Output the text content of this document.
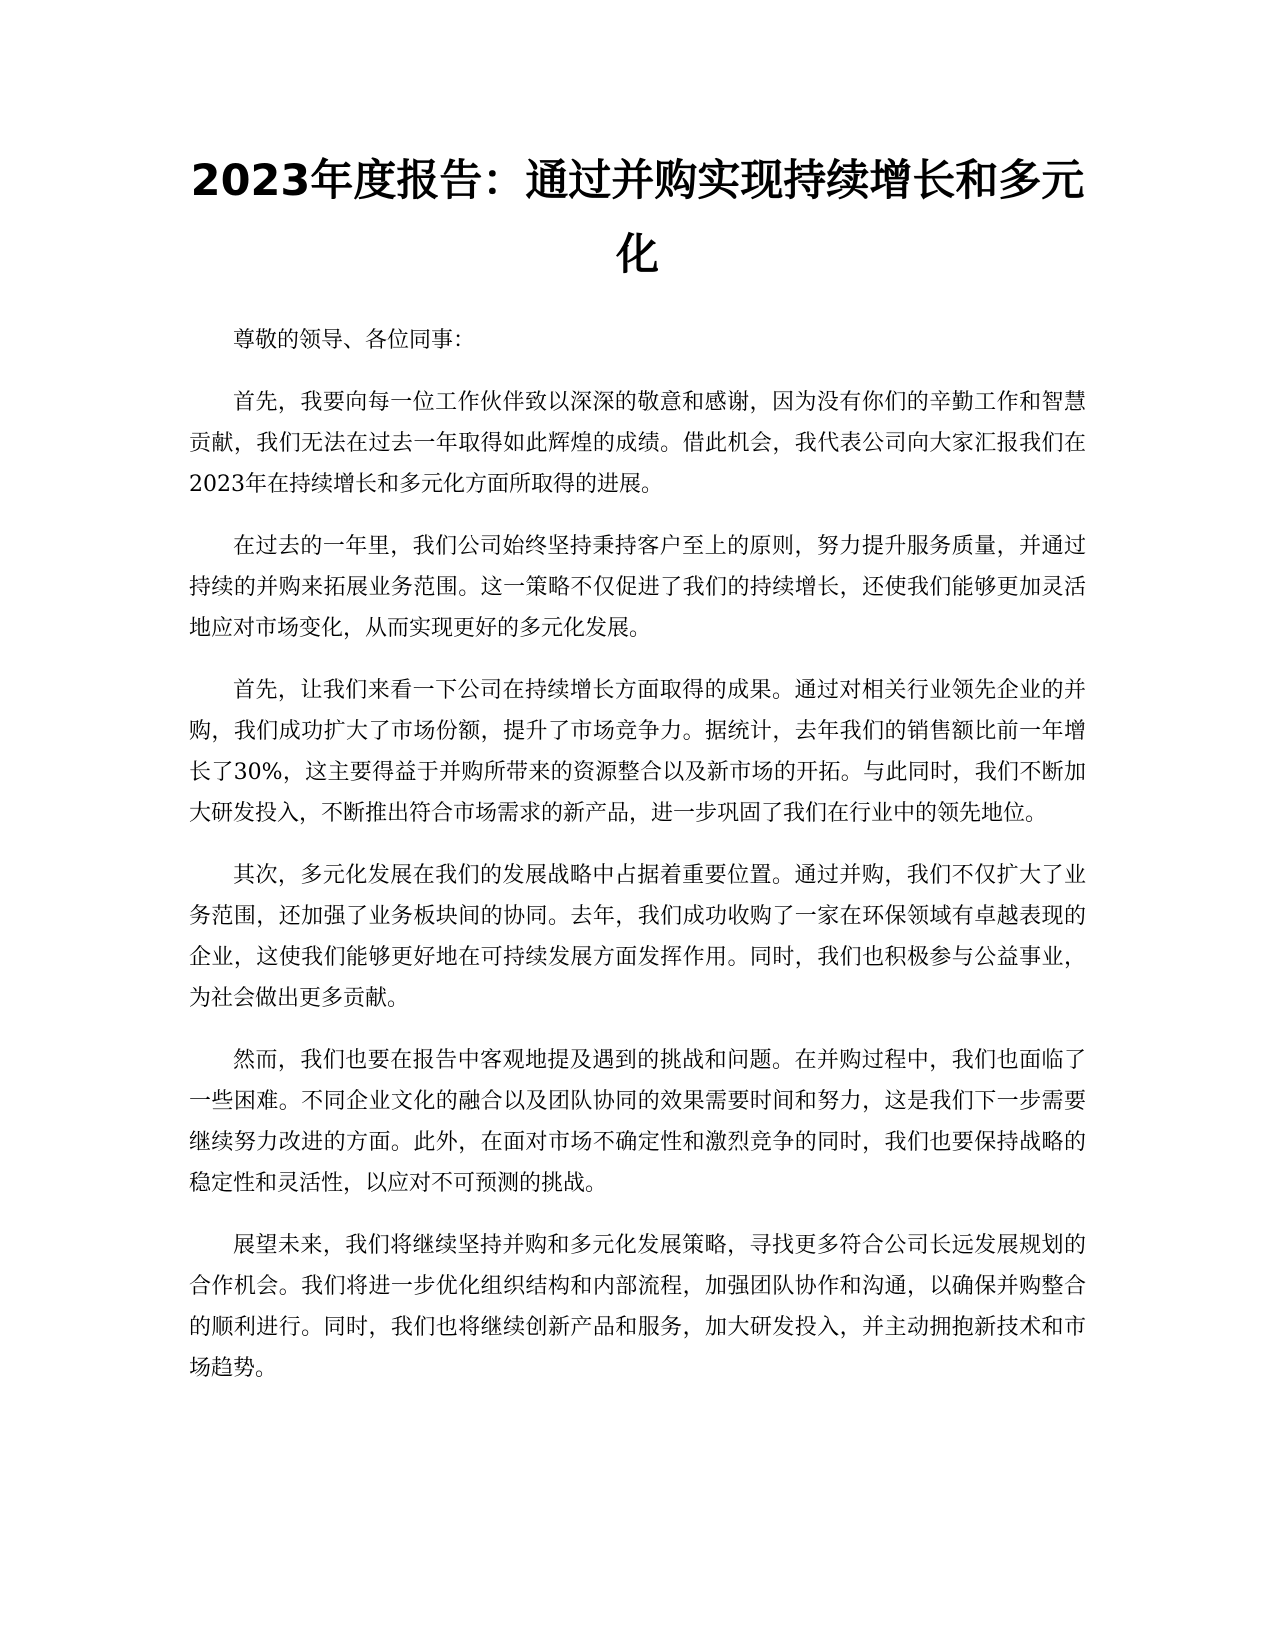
2023年度报告：通过并购实现持续增长和多元化

尊敬的领导、各位同事：

首先，我要向每一位工作伙伴致以深深的敬意和感谢，因为没有你们的辛勤工作和智慧贡献，我们无法在过去一年取得如此辉煌的成绩。借此机会，我代表公司向大家汇报我们在2023年在持续增长和多元化方面所取得的进展。

在过去的一年里，我们公司始终坚持秉持客户至上的原则，努力提升服务质量，并通过持续的并购来拓展业务范围。这一策略不仅促进了我们的持续增长，还使我们能够更加灵活地应对市场变化，从而实现更好的多元化发展。

首先，让我们来看一下公司在持续增长方面取得的成果。通过对相关行业领先企业的并购，我们成功扩大了市场份额，提升了市场竞争力。据统计，去年我们的销售额比前一年增长了30%，这主要得益于并购所带来的资源整合以及新市场的开拓。与此同时，我们不断加大研发投入，不断推出符合市场需求的新产品，进一步巩固了我们在行业中的领先地位。

其次，多元化发展在我们的发展战略中占据着重要位置。通过并购，我们不仅扩大了业务范围，还加强了业务板块间的协同。去年，我们成功收购了一家在环保领域有卓越表现的企业，这使我们能够更好地在可持续发展方面发挥作用。同时，我们也积极参与公益事业，为社会做出更多贡献。

然而，我们也要在报告中客观地提及遇到的挑战和问题。在并购过程中，我们也面临了一些困难。不同企业文化的融合以及团队协同的效果需要时间和努力，这是我们下一步需要继续努力改进的方面。此外，在面对市场不确定性和激烈竞争的同时，我们也要保持战略的稳定性和灵活性，以应对不可预测的挑战。

展望未来，我们将继续坚持并购和多元化发展策略，寻找更多符合公司长远发展规划的合作机会。我们将进一步优化组织结构和内部流程，加强团队协作和沟通，以确保并购整合的顺利进行。同时，我们也将继续创新产品和服务，加大研发投入，并主动拥抱新技术和市场趋势。
